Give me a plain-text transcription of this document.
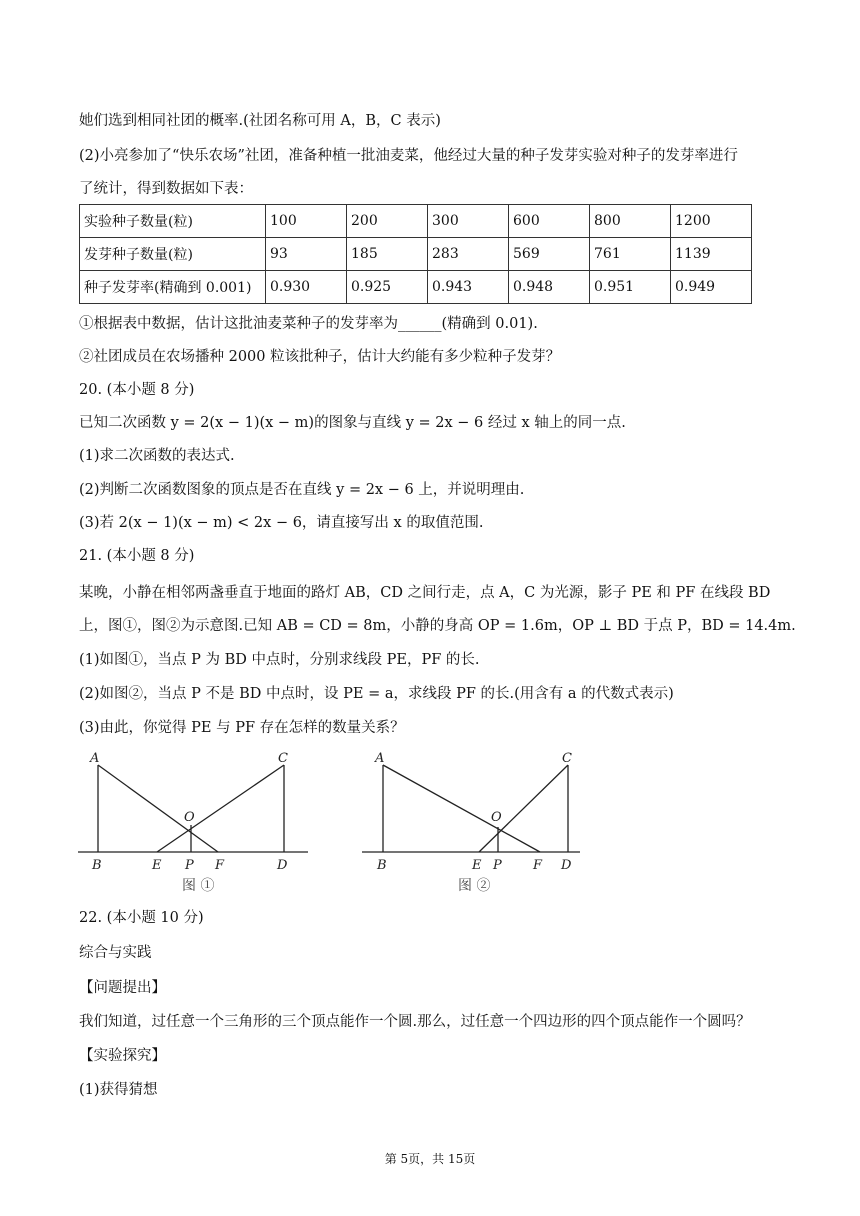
她们选到相同社团的概率.(社团名称可用 A，B，C 表示)
(2)小亮参加了“快乐农场”社团，准备种植一批油麦菜，他经过大量的种子发芽实验对种子的发芽率进行
了统计，得到数据如下表：
实验种子数量(粒)	100	200	300	600	800	1200
发芽种子数量(粒)	93	185	283	569	761	1139
种子发芽率(精确到 0.001)	0.930	0.925	0.943	0.948	0.951	0.949
①根据表中数据，估计这批油麦菜种子的发芽率为______(精确到 0.01).
②社团成员在农场播种 2000 粒该批种子，估计大约能有多少粒种子发芽？
20. (本小题 8 分)
已知二次函数 y = 2(x − 1)(x − m)的图象与直线 y = 2x − 6 经过 x 轴上的同一点.
(1)求二次函数的表达式.
(2)判断二次函数图象的顶点是否在直线 y = 2x − 6 上，并说明理由.
(3)若 2(x − 1)(x − m) < 2x − 6，请直接写出 x 的取值范围.
21. (本小题 8 分)
某晚，小静在相邻两盏垂直于地面的路灯 AB，CD 之间行走，点 A，C 为光源，影子 PE 和 PF 在线段 BD
上，图①，图②为示意图.已知 AB = CD = 8m，小静的身高 OP = 1.6m，OP ⊥ BD 于点 P，BD = 14.4m.
(1)如图①，当点 P 为 BD 中点时，分别求线段 PE，PF 的长.
(2)如图②，当点 P 不是 BD 中点时，设 PE = a，求线段 PF 的长.(用含有 a 的代数式表示)
(3)由此，你觉得 PE 与 PF 存在怎样的数量关系？
A	C
O
B	E P F	D
图 ①
A	C
O
B	E P F D
图 ②
22. (本小题 10 分)
综合与实践
【问题提出】
我们知道，过任意一个三角形的三个顶点能作一个圆.那么，过任意一个四边形的四个顶点能作一个圆吗？
【实验探究】
(1)获得猜想
第 5页，共 15页
